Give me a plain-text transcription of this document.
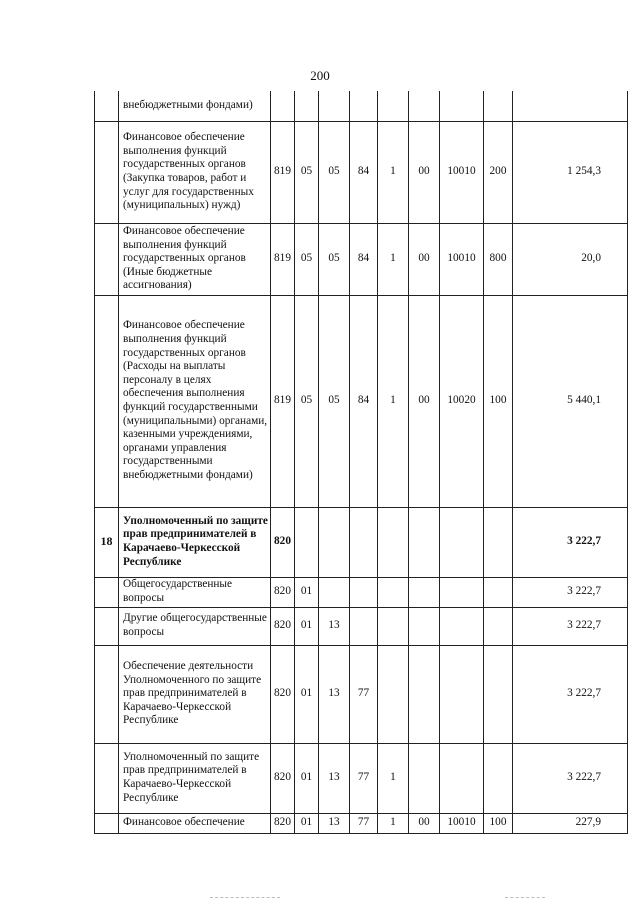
200
	внебюджетными фондами)									
	Финансовое обеспечение выполнения функций государственных органов (Закупка товаров, работ и услуг для государственных (муниципальных) нужд)	819	05	05	84	1	00	10010	200	1 254,3
	Финансовое обеспечение выполнения функций государственных органов (Иные бюджетные ассигнования)	819	05	05	84	1	00	10010	800	20,0
	Финансовое обеспечение выполнения функций государственных органов (Расходы на выплаты персоналу в целях обеспечения выполнения функций государственными (муниципальными) органами, казенными учреждениями, органами управления государственными внебюджетными фондами)	819	05	05	84	1	00	10020	100	5 440,1
18	Уполномоченный по защите прав предпринимателей в Карачаево-Черкесской Республике	820								3 222,7
	Общегосударственные вопросы	820	01							3 222,7
	Другие общегосударственные вопросы	820	01	13						3 222,7
	Обеспечение деятельности Уполномоченного по защите прав предпринимателей в Карачаево-Черкесской Республике	820	01	13	77					3 222,7
	Уполномоченный по защите прав предпринимателей в Карачаево-Черкесской Республике	820	01	13	77	1				3 222,7
	Финансовое обеспечение	820	01	13	77	1	00	10010	100	227,9
